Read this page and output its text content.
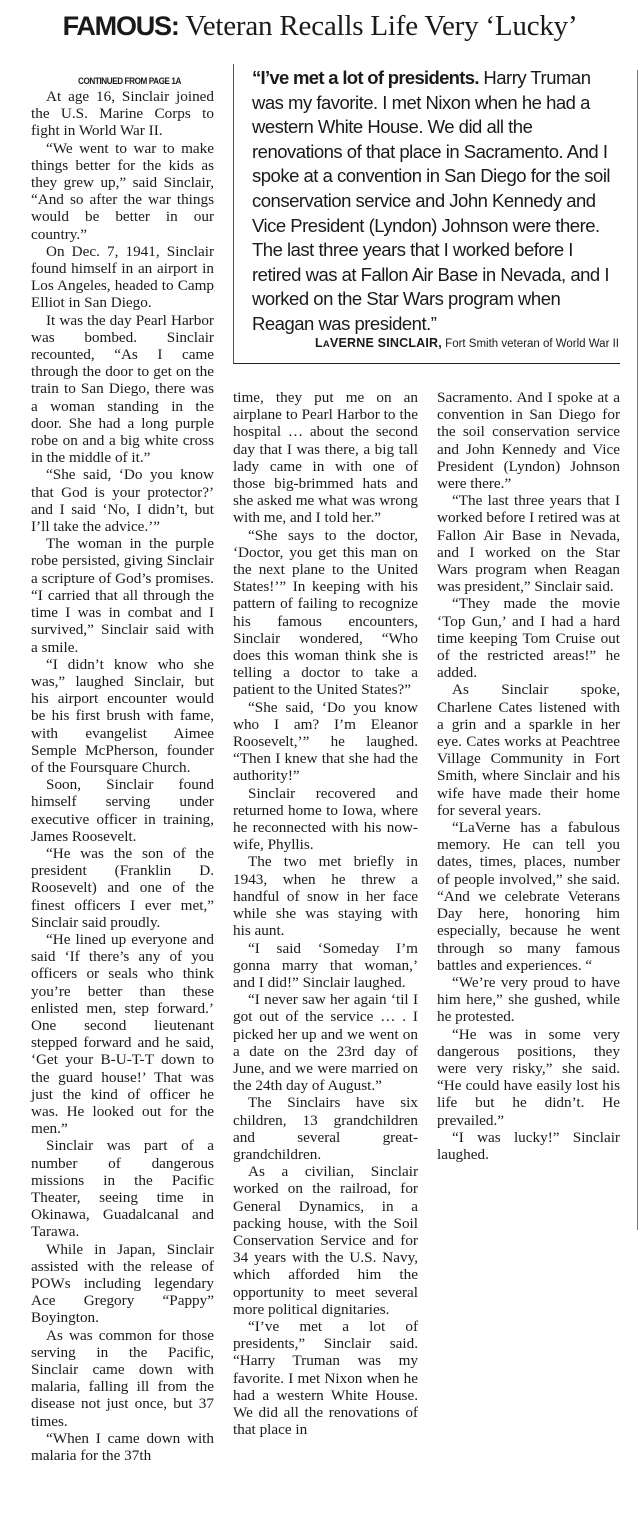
FAMOUS: Veteran Recalls Life Very ‘Lucky’
CONTINUED FROM PAGE 1A

At age 16, Sinclair joined the U.S. Marine Corps to fight in World War II.

“We went to war to make things better for the kids as they grew up,” said Sinclair, “And so after the war things would be better in our country.”

On Dec. 7, 1941, Sinclair found himself in an airport in Los Angeles, headed to Camp Elliot in San Diego.

It was the day Pearl Harbor was bombed. Sinclair recounted, “As I came through the door to get on the train to San Diego, there was a woman standing in the door. She had a long purple robe on and a big white cross in the middle of it.”

“She said, ‘Do you know that God is your protector?’ and I said ‘No, I didn’t, but I’ll take the advice.’”

The woman in the purple robe persisted, giving Sinclair a scripture of God’s promises. “I carried that all through the time I was in combat and I survived,” Sinclair said with a smile.

“I didn’t know who she was,” laughed Sinclair, but his airport encounter would be his first brush with fame, with evangelist Aimee Semple McPherson, founder of the Foursquare Church.

Soon, Sinclair found himself serving under executive officer in training, James Roosevelt.

“He was the son of the president (Franklin D. Roosevelt) and one of the finest officers I ever met,” Sinclair said proudly.

“He lined up everyone and said ‘If there’s any of you officers or seals who think you’re better than these enlisted men, step forward.’ One second lieutenant stepped forward and he said, ‘Get your B-U-T-T down to the guard house!’ That was just the kind of officer he was. He looked out for the men.”

Sinclair was part of a number of dangerous missions in the Pacific Theater, seeing time in Okinawa, Guadalcanal and Tarawa.

While in Japan, Sinclair assisted with the release of POWs including legendary Ace Gregory “Pappy” Boyington.

As was common for those serving in the Pacific, Sinclair came down with malaria, falling ill from the disease not just once, but 37 times.

“When I came down with malaria for the 37th

“I’ve met a lot of presidents. Harry Truman was my favorite. I met Nixon when he had a western White House. We did all the renovations of that place in Sacramento. And I spoke at a convention in San Diego for the soil conservation service and John Kennedy and Vice President (Lyndon) Johnson were there. The last three years that I worked before I retired was at Fallon Air Base in Nevada, and I worked on the Star Wars program when Reagan was president.”
LAVERNE SINCLAIR, Fort Smith veteran of World War II

time, they put me on an airplane to Pearl Harbor to the hospital … about the second day that I was there, a big tall lady came in with one of those big-brimmed hats and she asked me what was wrong with me, and I told her.”

“She says to the doctor, ‘Doctor, you get this man on the next plane to the United States!’” In keeping with his pattern of failing to recognize his famous encounters, Sinclair wondered, “Who does this woman think she is telling a doctor to take a patient to the United States?”

“She said, ‘Do you know who I am? I’m Eleanor Roosevelt,’” he laughed. “Then I knew that she had the authority!”

Sinclair recovered and returned home to Iowa, where he reconnected with his now-wife, Phyllis.

The two met briefly in 1943, when he threw a handful of snow in her face while she was staying with his aunt.

“I said ‘Someday I’m gonna marry that woman,’ and I did!” Sinclair laughed.

“I never saw her again ‘til I got out of the service … . I picked her up and we went on a date on the 23rd day of June, and we were married on the 24th day of August.”

The Sinclairs have six children, 13 grandchildren and several great-grandchildren.

As a civilian, Sinclair worked on the railroad, for General Dynamics, in a packing house, with the Soil Conservation Service and for 34 years with the U.S. Navy, which afforded him the opportunity to meet several more political dignitaries.

“I’ve met a lot of presidents,” Sinclair said. “Harry Truman was my favorite. I met Nixon when he had a western White House. We did all the renovations of that place in

Sacramento. And I spoke at a convention in San Diego for the soil conservation service and John Kennedy and Vice President (Lyndon) Johnson were there.”

“The last three years that I worked before I retired was at Fallon Air Base in Nevada, and I worked on the Star Wars program when Reagan was president,” Sinclair said.

“They made the movie ‘Top Gun,’ and I had a hard time keeping Tom Cruise out of the restricted areas!” he added.

As Sinclair spoke, Charlene Cates listened with a grin and a sparkle in her eye. Cates works at Peachtree Village Community in Fort Smith, where Sinclair and his wife have made their home for several years.

“LaVerne has a fabulous memory. He can tell you dates, times, places, number of people involved,” she said. “And we celebrate Veterans Day here, honoring him especially, because he went through so many famous battles and experiences. “

“We’re very proud to have him here,” she gushed, while he protested.

“He was in some very dangerous positions, they were very risky,” she said. “He could have easily lost his life but he didn’t. He prevailed.”

“I was lucky!” Sinclair laughed.
